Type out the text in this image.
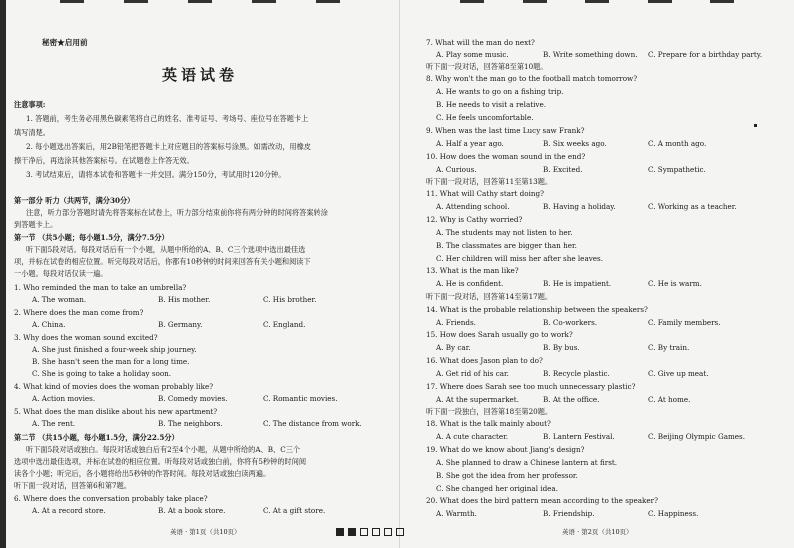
秘密★启用前
英语试卷
注意事项:
1. 答题前，考生务必用黑色碳素笔将自己的姓名、准考证号、考场号、座位号在答题卡上
填写清楚。
2. 每小题选出答案后，用2B铅笔把答题卡上对应题目的答案标号涂黑。如需改动，用橡皮
擦干净后，再选涂其他答案标号。在试题卷上作答无效。
3. 考试结束后，请将本试卷和答题卡一并交回。满分150分，考试用时120分钟。
第一部分 听力（共两节，满分30分）
注意，听力部分答题时请先将答案标在试卷上，听力部分结束前你将有两分钟的时间将答案转涂
到答题卡上。
第一节 （共5小题；每小题1.5分，满分7.5分）
听下面5段对话。每段对话后有一个小题，从题中所给的A、B、C三个选项中选出最佳选
项，并标在试卷的相应位置。听完每段对话后，你都有10秒钟的时间来回答有关小题和阅读下
一小题。每段对话仅读一遍。
1. Who reminded the man to take an umbrella?
A. The woman.	B. His mother.	C. His brother.
2. Where does the man come from?
A. China.	B. Germany.	C. England.
3. Why does the woman sound excited?
A. She just finished a four-week ship journey.
B. She hasn't seen the man for a long time.
C. She is going to take a holiday soon.
4. What kind of movies does the woman probably like?
A. Action movies.	B. Comedy movies.	C. Romantic movies.
5. What does the man dislike about his new apartment?
A. The rent.	B. The neighbors.	C. The distance from work.
第二节 （共15小题，每小题1.5分，满分22.5分）
听下面5段对话或独白。每段对话或独白后有2至4个小题，从题中所给的A、B、C三个
选项中选出最佳选项，并标在试卷的相应位置。听每段对话或独白前，你将有5秒钟的时间阅
读各个小题；听完后，各小题将给出5秒钟的作答时间。每段对话或独白读两遍。
听下面一段对话，回答第6和第7题。
6. Where does the conversation probably take place?
A. At a record store.	B. At a book store.	C. At a gift store.
英语 · 第1页（共10页）
7. What will the man do next?
A. Play some music.	B. Write something down. C. Prepare for a birthday party.
听下面一段对话，回答第8至第10题。
8. Why won't the man go to the football match tomorrow?
A. He wants to go on a fishing trip.
B. He needs to visit a relative.
C. He feels uncomfortable.
9. When was the last time Lucy saw Frank?
A. Half a year ago.	B. Six weeks ago.	C. A month ago.
10. How does the woman sound in the end?
A. Curious.	B. Excited.	C. Sympathetic.
听下面一段对话，回答第11至第13题。
11. What will Cathy start doing?
A. Attending school.	B. Having a holiday.	C. Working as a teacher.
12. Why is Cathy worried?
A. The students may not listen to her.
B. The classmates are bigger than her.
C. Her children will miss her after she leaves.
13. What is the man like?
A. He is confident.	B. He is impatient.	C. He is warm.
听下面一段对话，回答第14至第17题。
14. What is the probable relationship between the speakers?
A. Friends.	B. Co-workers.	C. Family members.
15. How does Sarah usually go to work?
A. By car.	B. By bus.	C. By train.
16. What does Jason plan to do?
A. Get rid of his car.	B. Recycle plastic.	C. Give up meat.
17. Where does Sarah see too much unnecessary plastic?
A. At the supermarket.	B. At the office.	C. At home.
听下面一段独白，回答第18至第20题。
18. What is the talk mainly about?
A. A cute character.	B. Lantern Festival.	C. Beijing Olympic Games.
19. What do we know about Jiang's design?
A. She planned to draw a Chinese lantern at first.
B. She got the idea from her professor.
C. She changed her original idea.
20. What does the bird pattern mean according to the speaker?
A. Warmth.	B. Friendship.	C. Happiness.
英语 · 第2页（共10页）
